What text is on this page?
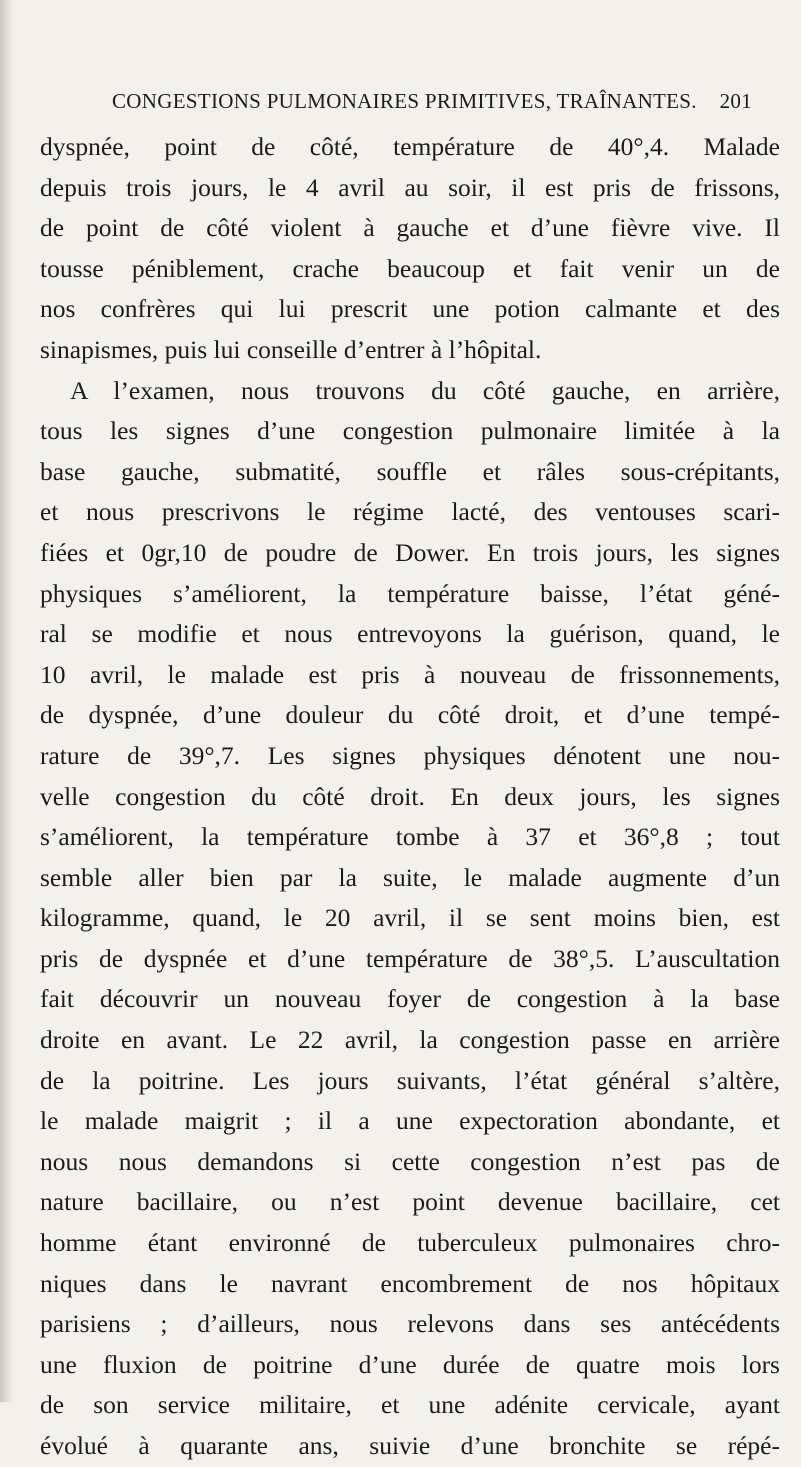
CONGESTIONS PULMONAIRES PRIMITIVES, TRAÎNANTES. 201
dyspnée, point de côté, température de 40°,4. Malade
depuis trois jours, le 4 avril au soir, il est pris de frissons,
de point de côté violent à gauche et d’une fièvre vive. Il
tousse péniblement, crache beaucoup et fait venir un de
nos confrères qui lui prescrit une potion calmante et des
sinapismes, puis lui conseille d’entrer à l’hôpital.
A l’examen, nous trouvons du côté gauche, en arrière,
tous les signes d’une congestion pulmonaire limitée à la
base gauche, submatité, souffle et râles sous-crépitants,
et nous prescrivons le régime lacté, des ventouses scari-
fiées et 0gr,10 de poudre de Dower. En trois jours, les signes
physiques s’améliorent, la température baisse, l’état géné-
ral se modifie et nous entrevoyons la guérison, quand, le
10 avril, le malade est pris à nouveau de frissonnements,
de dyspnée, d’une douleur du côté droit, et d’une tempé-
rature de 39°,7. Les signes physiques dénotent une nou-
velle congestion du côté droit. En deux jours, les signes
s’améliorent, la température tombe à 37 et 36°,8 ; tout
semble aller bien par la suite, le malade augmente d’un
kilogramme, quand, le 20 avril, il se sent moins bien, est
pris de dyspnée et d’une température de 38°,5. L’auscultation
fait découvrir un nouveau foyer de congestion à la base
droite en avant. Le 22 avril, la congestion passe en arrière
de la poitrine. Les jours suivants, l’état général s’altère,
le malade maigrit ; il a une expectoration abondante, et
nous nous demandons si cette congestion n’est pas de
nature bacillaire, ou n’est point devenue bacillaire, cet
homme étant environné de tuberculeux pulmonaires chro-
niques dans le navrant encombrement de nos hôpitaux
parisiens ; d’ailleurs, nous relevons dans ses antécédents
une fluxion de poitrine d’une durée de quatre mois lors
de son service militaire, et une adénite cervicale, ayant
évolué à quarante ans, suivie d’une bronchite se répé-
